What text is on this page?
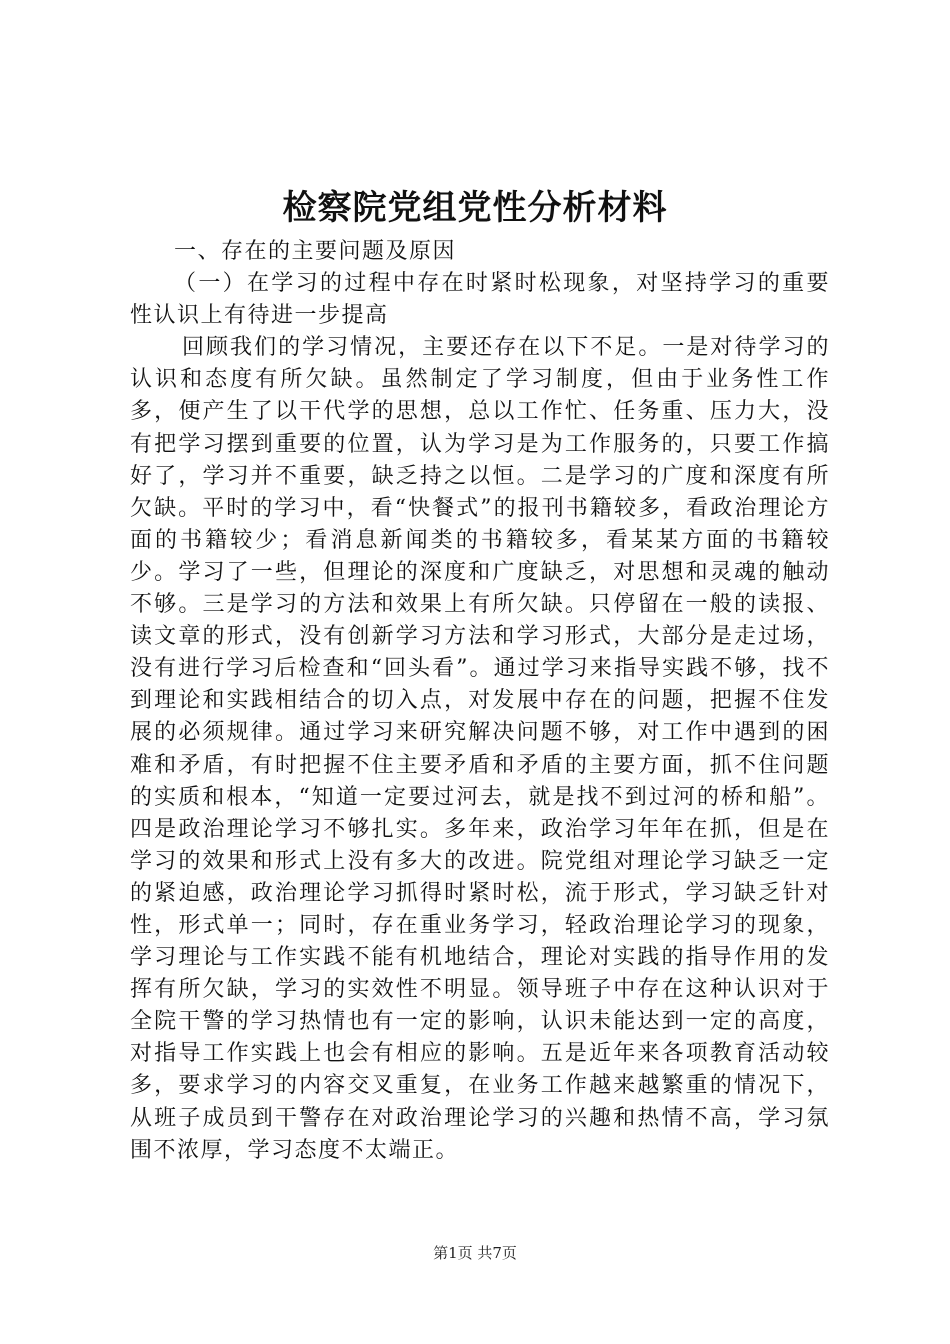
检察院党组党性分析材料

一、存在的主要问题及原因

（一）在学习的过程中存在时紧时松现象，对坚持学习的重要性认识上有待进一步提高

回顾我们的学习情况，主要还存在以下不足。一是对待学习的认识和态度有所欠缺。虽然制定了学习制度，但由于业务性工作多，便产生了以干代学的思想，总以工作忙、任务重、压力大，没有把学习摆到重要的位置，认为学习是为工作服务的，只要工作搞好了，学习并不重要，缺乏持之以恒。二是学习的广度和深度有所欠缺。平时的学习中，看“快餐式”的报刊书籍较多，看政治理论方面的书籍较少；看消息新闻类的书籍较多，看某某方面的书籍较少。学习了一些，但理论的深度和广度缺乏，对思想和灵魂的触动不够。三是学习的方法和效果上有所欠缺。只停留在一般的读报、读文章的形式，没有创新学习方法和学习形式，大部分是走过场，没有进行学习后检查和“回头看”。通过学习来指导实践不够，找不到理论和实践相结合的切入点，对发展中存在的问题，把握不住发展的必须规律。通过学习来研究解决问题不够，对工作中遇到的困难和矛盾，有时把握不住主要矛盾和矛盾的主要方面，抓不住问题的实质和根本，“知道一定要过河去，就是找不到过河的桥和船”。四是政治理论学习不够扎实。多年来，政治学习年年在抓，但是在学习的效果和形式上没有多大的改进。院党组对理论学习缺乏一定的紧迫感，政治理论学习抓得时紧时松，流于形式，学习缺乏针对性，形式单一；同时，存在重业务学习，轻政治理论学习的现象，学习理论与工作实践不能有机地结合，理论对实践的指导作用的发挥有所欠缺，学习的实效性不明显。领导班子中存在这种认识对于全院干警的学习热情也有一定的影响，认识未能达到一定的高度，对指导工作实践上也会有相应的影响。五是近年来各项教育活动较多，要求学习的内容交叉重复，在业务工作越来越繁重的情况下，从班子成员到干警存在对政治理论学习的兴趣和热情不高，学习氛围不浓厚，学习态度不太端正。

第1页 共7页
